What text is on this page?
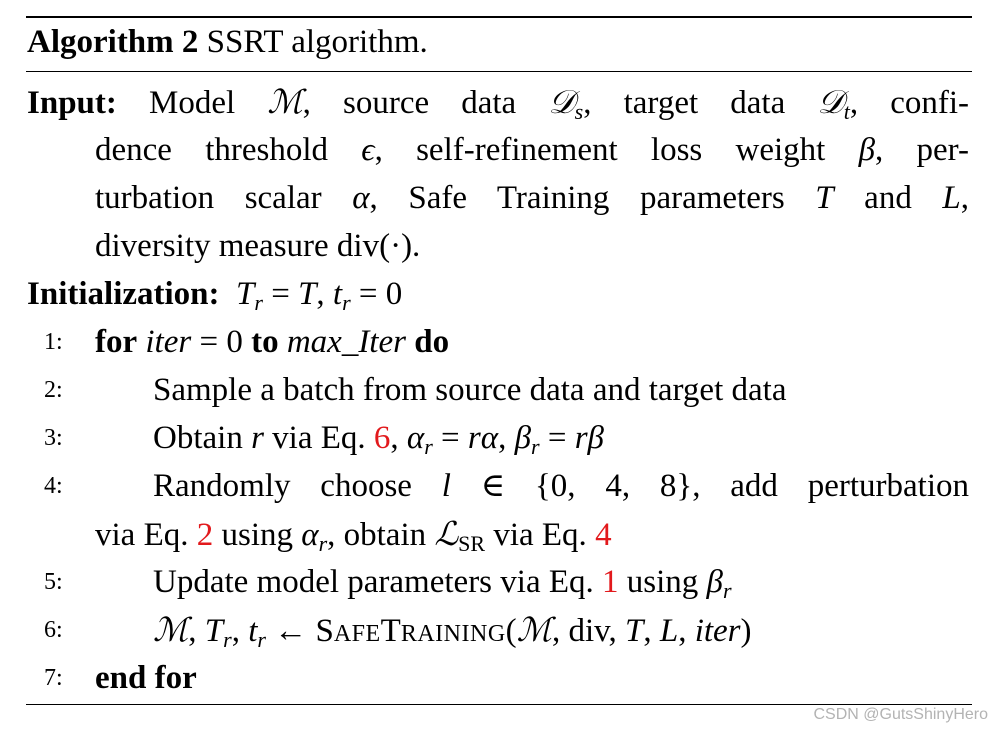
Algorithm 2 SSRT algorithm.
Input: Model ℳ, source data 𝒟$_s$, target data 𝒟$_t$, confi-
dence threshold ϵ, self-refinement loss weight β, per-
turbation scalar α, Safe Training parameters T and L,
diversity measure div(·).
Initialization: $T_r = T$, $t_r = 0$
1: for iter = 0 to max_Iter do
2:	Sample a batch from source data and target data
3:	Obtain r via Eq. 6, $\alpha_r = r\alpha$, $\beta_r = r\beta$
4:	Randomly choose l ∈ {0, 4, 8}, add perturbation
via Eq. 2 using $\alpha_r$, obtain ℒ$_{SR}$ via Eq. 4
5:	Update model parameters via Eq. 1 using $\beta_r$
6:	ℳ, $T_r$, $t_r$ ← SAFETRAINING(ℳ, div, T, L, iter)
7: end for
CSDN @GutsShinyHero
